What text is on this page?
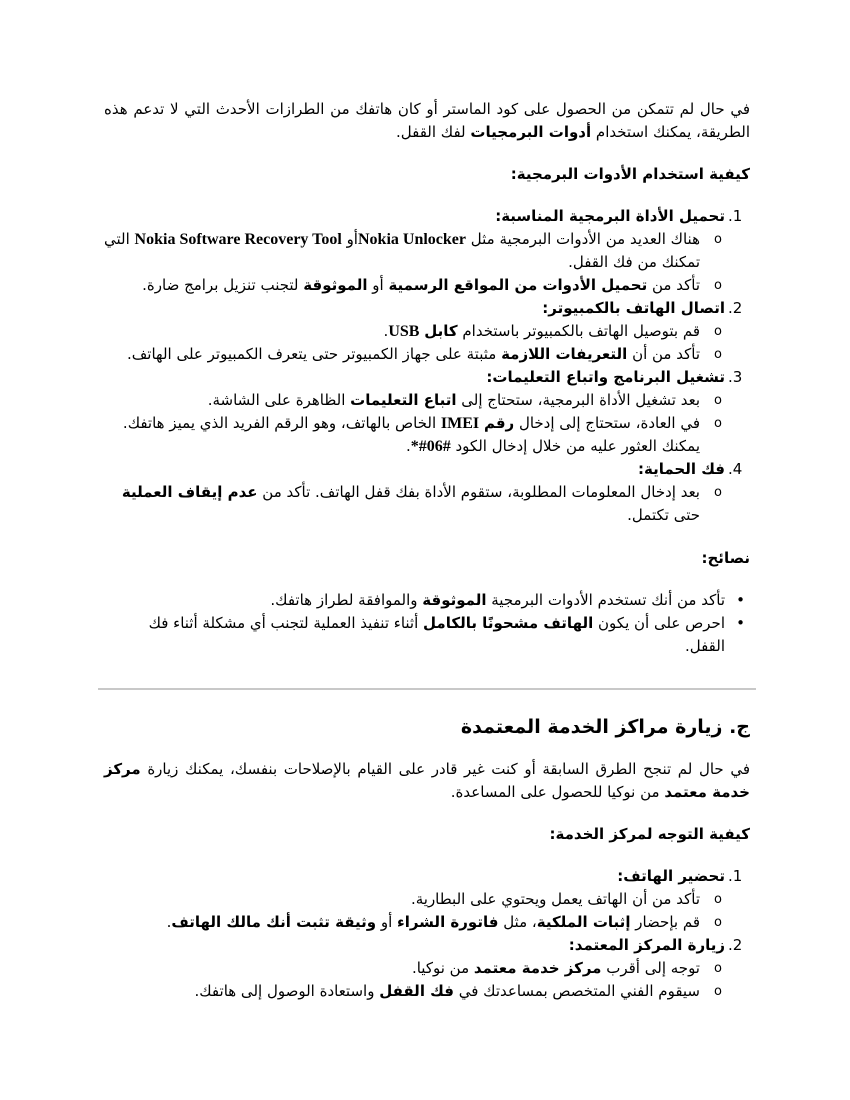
في حال لم تتمكن من الحصول على كود الماستر أو كان هاتفك من الطرازات الأحدث التي لا تدعم هذه الطريقة، يمكنك استخدام أدوات البرمجيات لفك القفل.

كيفية استخدام الأدوات البرمجية:

1.
تحميل الأداة البرمجية المناسبة:
o هناك العديد من الأدوات البرمجية مثل Nokia Unlockerأو Nokia Software Recovery Tool التي تمكنك من فك القفل.
o تأكد من تحميل الأدوات من المواقع الرسمية أو الموثوقة لتجنب تنزيل برامج ضارة.
2.
اتصال الهاتف بالكمبيوتر:
o قم بتوصيل الهاتف بالكمبيوتر باستخدام كابل USB.
o تأكد من أن التعريفات اللازمة مثبتة على جهاز الكمبيوتر حتى يتعرف الكمبيوتر على الهاتف.
3.
تشغيل البرنامج واتباع التعليمات:
o بعد تشغيل الأداة البرمجية، ستحتاج إلى اتباع التعليمات الظاهرة على الشاشة.
o في العادة، ستحتاج إلى إدخال رقم IMEI الخاص بالهاتف، وهو الرقم الفريد الذي يميز هاتفك. يمكنك العثور عليه من خلال إدخال الكود *#06#.
4.
فك الحماية:
o بعد إدخال المعلومات المطلوبة، ستقوم الأداة بفك قفل الهاتف. تأكد من عدم إيقاف العملية حتى تكتمل.

نصائح:

• تأكد من أنك تستخدم الأدوات البرمجية الموثوقة والموافقة لطراز هاتفك.
• احرص على أن يكون الهاتف مشحونًا بالكامل أثناء تنفيذ العملية لتجنب أي مشكلة أثناء فك القفل.

ج. زيارة مراكز الخدمة المعتمدة

في حال لم تنجح الطرق السابقة أو كنت غير قادر على القيام بالإصلاحات بنفسك، يمكنك زيارة مركز خدمة معتمد من نوكيا للحصول على المساعدة.

كيفية التوجه لمركز الخدمة:

1.
تحضير الهاتف:
o تأكد من أن الهاتف يعمل ويحتوي على البطارية.
o قم بإحضار إثبات الملكية، مثل فاتورة الشراء أو وثيقة تثبت أنك مالك الهاتف.
2.
زيارة المركز المعتمد:
o توجه إلى أقرب مركز خدمة معتمد من نوكيا.
o سيقوم الفني المتخصص بمساعدتك في فك القفل واستعادة الوصول إلى هاتفك.
